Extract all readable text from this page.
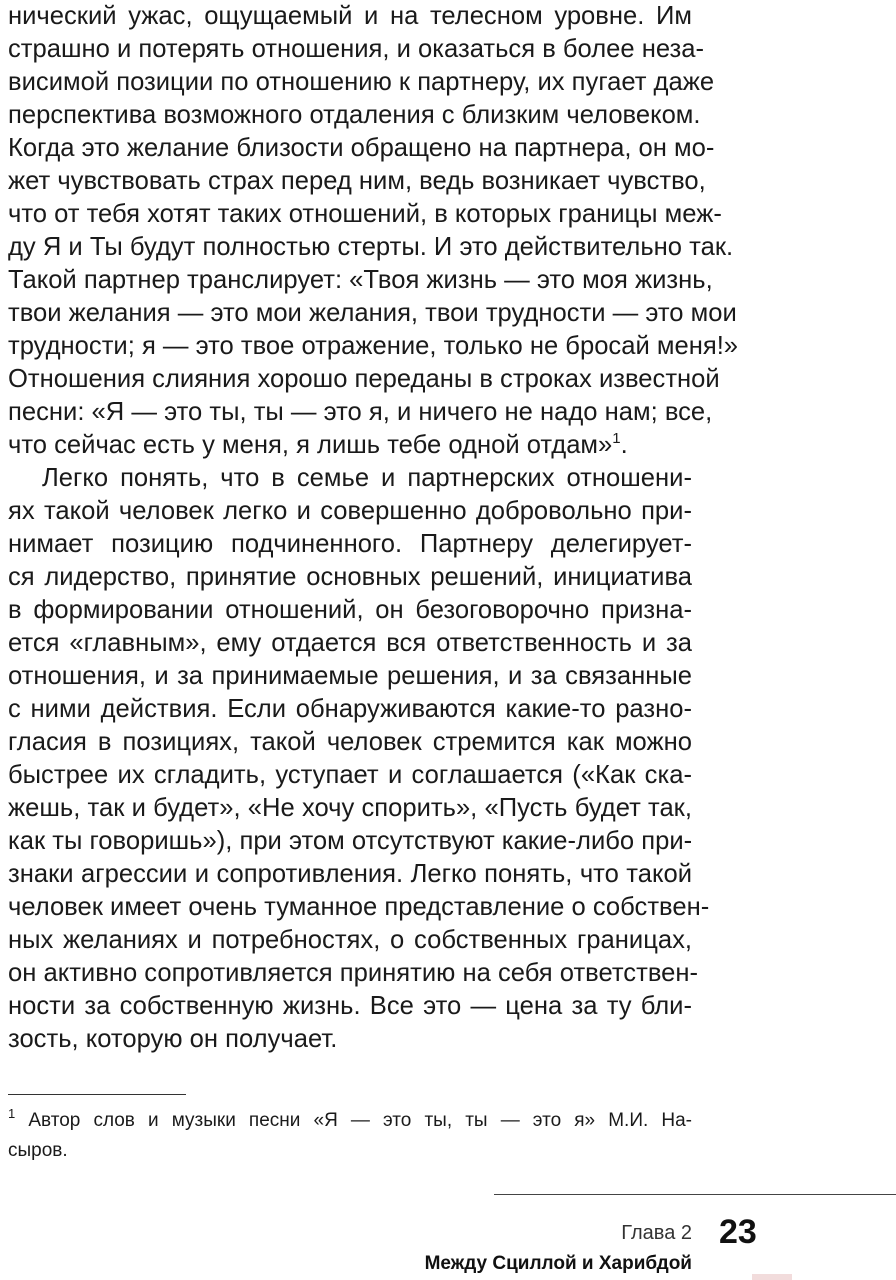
нический ужас, ощущаемый и на телесном уровне. Им
страшно и потерять отношения, и оказаться в более неза-
висимой позиции по отношению к партнеру, их пугает даже
перспектива возможного отдаления с близким человеком.
Когда это желание близости обращено на партнера, он мо-
жет чувствовать страх перед ним, ведь возникает чувство,
что от тебя хотят таких отношений, в которых границы меж-
ду Я и Ты будут полностью стерты. И это действительно так.
Такой партнер транслирует: «Твоя жизнь — это моя жизнь,
твои желания — это мои желания, твои трудности — это мои
трудности; я — это твое отражение, только не бросай меня!»
Отношения слияния хорошо переданы в строках известной
песни: «Я — это ты, ты — это я, и ничего не надо нам; все,
что сейчас есть у меня, я лишь тебе одной отдам»$^1$.
Легко понять, что в семье и партнерских отношени-
ях такой человек легко и совершенно добровольно при-
нимает позицию подчиненного. Партнеру делегирует-
ся лидерство, принятие основных решений, инициатива
в формировании отношений, он безоговорочно призна-
ется «главным», ему отдается вся ответственность и за
отношения, и за принимаемые решения, и за связанные
с ними действия. Если обнаруживаются какие-то разно-
гласия в позициях, такой человек стремится как можно
быстрее их сгладить, уступает и соглашается («Как ска-
жешь, так и будет», «Не хочу спорить», «Пусть будет так,
как ты говоришь»), при этом отсутствуют какие-либо при-
знаки агрессии и сопротивления. Легко понять, что такой
человек имеет очень туманное представление о собствен-
ных желаниях и потребностях, о собственных границах,
он активно сопротивляется принятию на себя ответствен-
ности за собственную жизнь. Все это — цена за ту бли-
зость, которую он получает.
$^1$ Автор слов и музыки песни «Я — это ты, ты — это я» М.И. На-
сыров.
Глава 2 23
Между Сциллой и Харибдой
